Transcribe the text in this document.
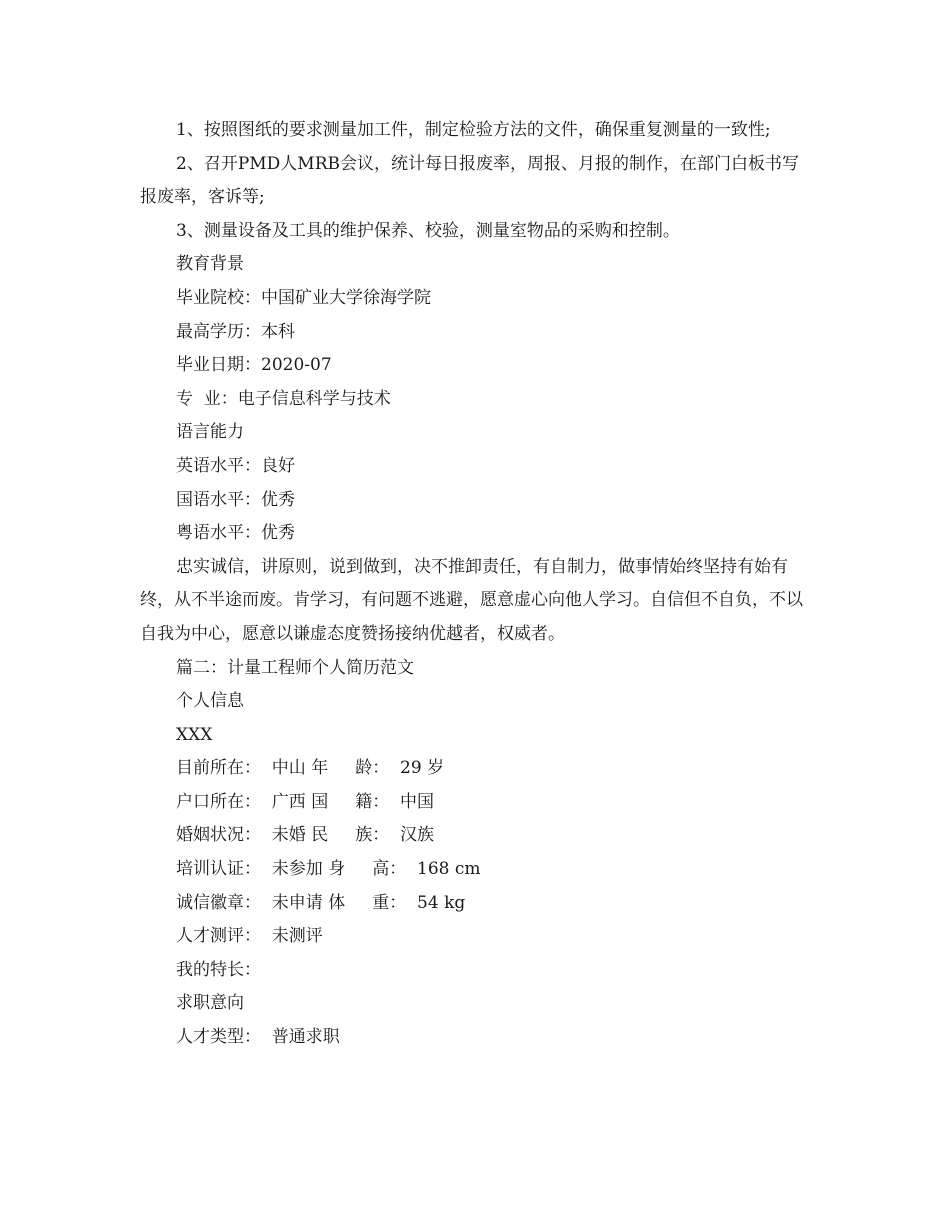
1、按照图纸的要求测量加工件，制定检验方法的文件，确保重复测量的一致性;

2、召开PMD人MRB会议，统计每日报废率，周报、月报的制作，在部门白板书写报废率，客诉等;

3、测量设备及工具的维护保养、校验，测量室物品的采购和控制。

教育背景

毕业院校：中国矿业大学徐海学院

最高学历：本科

毕业日期：2020-07

专  业：电子信息科学与技术

语言能力

英语水平：良好

国语水平：优秀

粤语水平：优秀

忠实诚信，讲原则，说到做到，决不推卸责任，有自制力，做事情始终坚持有始有终，从不半途而废。肯学习，有问题不逃避，愿意虚心向他人学习。自信但不自负，不以自我为中心，愿意以谦虚态度赞扬接纳优越者，权威者。

篇二：计量工程师个人简历范文

个人信息

XXX

目前所在：  中山 年     龄：  29 岁

户口所在：  广西 国     籍：  中国

婚姻状况：  未婚 民     族：  汉族

培训认证：  未参加 身     高：  168 cm

诚信徽章：  未申请 体     重：  54 kg

人才测评：  未测评

我的特长：

求职意向

人才类型：  普通求职
